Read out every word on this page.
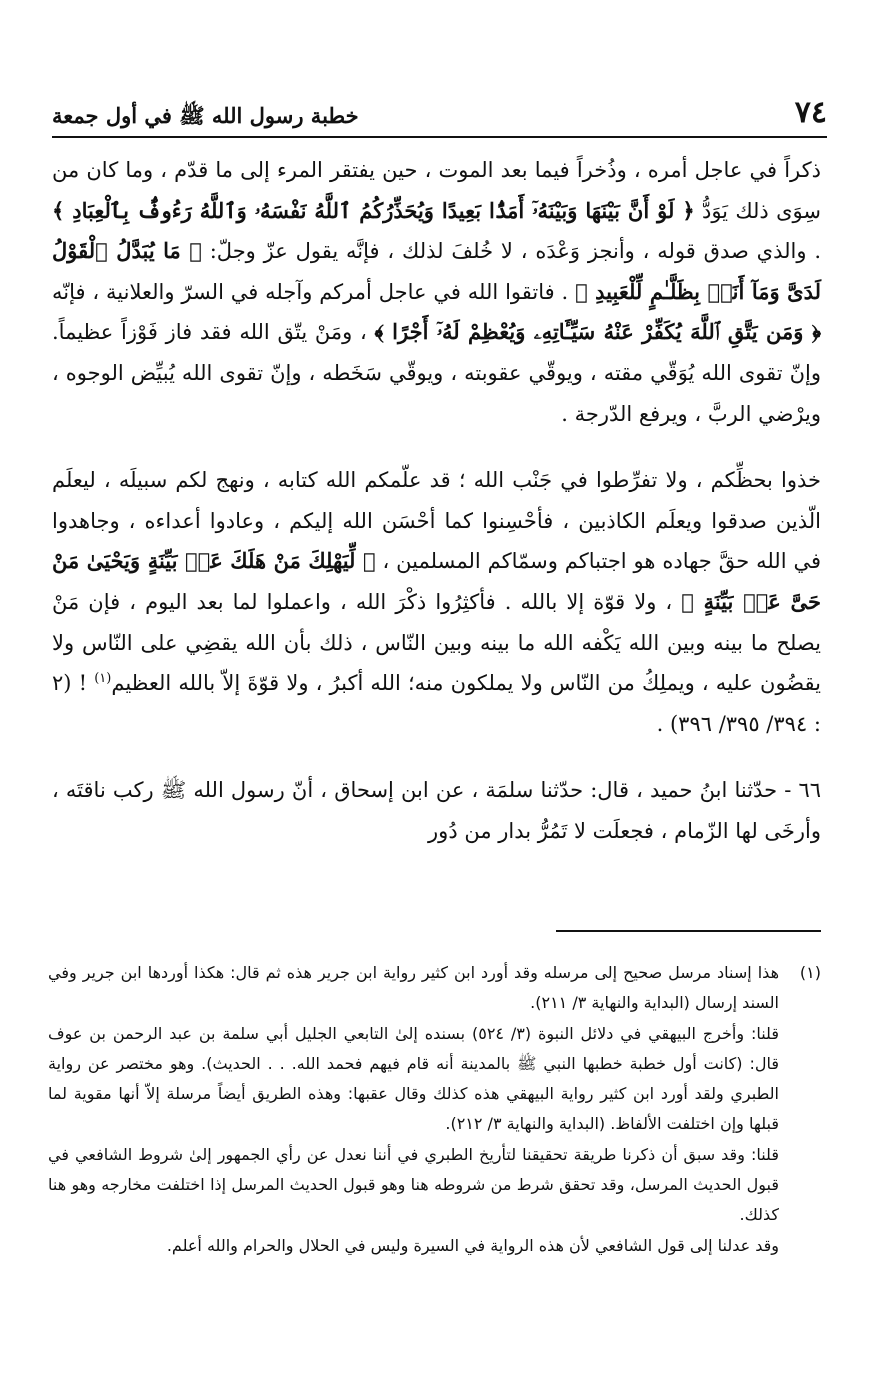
٧٤
خطبة رسول الله ﷺ في أول جمعة

ذكراً في عاجل أمره ، وذُخراً فيما بعد الموت ، حين يفتقر المرء إلى ما قدّم ، وما كان من سِوَى ذلك يَوَدُّ ﴿ لَوْ أَنَّ بَيْنَهَا وَبَيْنَهُۥٓ أَمَدًۢا بَعِيدًا وَيُحَذِّرُكُمُ ٱللَّهُ نَفْسَهُۥ وَٱللَّهُ رَءُوفٌۢ بِٱلْعِبَادِ ﴾ . والذي صدق قوله ، وأنجز وَعْدَه ، لا خُلفَ لذلك ، فإنَّه يقول عزّ وجلّ: ﴿ مَا يُبَدَّلُ ٱلْقَوْلُ لَدَىَّ وَمَآ أَنَا۠ بِظَلَّـٰمٍ لِّلْعَبِيدِ ﴾ . فاتقوا الله في عاجل أمركم وآجله في السرّ والعلانية ، فإنّه ﴿ وَمَن يَتَّقِ ٱللَّهَ يُكَفِّرْ عَنْهُ سَيِّـَٔاتِهِۦ وَيُعْظِمْ لَهُۥٓ أَجْرًا ﴾ ، ومَنْ يتّق الله فقد فاز فَوْزاً عظيماً. وإنّ تقوى الله يُوَقّي مقته ، ويوقّي عقوبته ، ويوقّي سَخَطه ، وإنّ تقوى الله يُبيِّض الوجوه ، ويرْضي الربَّ ، ويرفع الدّرجة .

خذوا بحظِّكم ، ولا تفرِّطوا في جَنْب الله ؛ قد علّمكم الله كتابه ، ونهج لكم سبيلَه ، ليعلَم الّذين صدقوا ويعلَم الكاذبين ، فأحْسِنوا كما أحْسَن الله إليكم ، وعادوا أعداءه ، وجاهدوا في الله حقَّ جهاده هو اجتباكم وسمّاكم المسلمين ، ﴿ لِّيَهْلِكَ مَنْ هَلَكَ عَنۢ بَيِّنَةٍ وَيَحْيَىٰ مَنْ حَىَّ عَنۢ بَيِّنَةٍ ﴾ ، ولا قوّة إلا بالله . فأكثِرُوا ذكْرَ الله ، واعملوا لما بعد اليوم ، فإن مَنْ يصلح ما بينه وبين الله يَكْفه الله ما بينه وبين النّاس ، ذلك بأن الله يقضِي على النّاس ولا يقضُون عليه ، ويملِكُ من النّاس ولا يملكون منه؛ الله أكبرُ ، ولا قوّةَ إلاّ بالله العظيم$^{(١)}$ ! (٢ : ٣٩٤/ ٣٩٥/ ٣٩٦) .

٦٦ - حدّثنا ابنُ حميد ، قال: حدّثنا سلمَة ، عن ابن إسحاق ، أنّ رسول الله ﷺ ركب ناقتَه ، وأرخَى لها الزّمام ، فجعلَت لا تَمُرُّ بدار من دُور

(١)

هذا إسناد مرسل صحيح إلى مرسله وقد أورد ابن كثير رواية ابن جرير هذه ثم قال: هكذا أوردها ابن جرير وفي السند إرسال (البداية والنهاية ٣/ ٢١١).

قلنا: وأخرج البيهقي في دلائل النبوة (٣/ ٥٢٤) بسنده إلىٰ التابعي الجليل أبي سلمة بن عبد الرحمن بن عوف قال: (كانت أول خطبة خطبها النبي ﷺ بالمدينة أنه قام فيهم فحمد الله. . . الحديث). وهو مختصر عن رواية الطبري ولقد أورد ابن كثير رواية البيهقي هذه كذلك وقال عقبها: وهذه الطريق أيضاً مرسلة إلاّ أنها مقوية لما قبلها وإن اختلفت الألفاظ. (البداية والنهاية ٣/ ٢١٢).

قلنا: وقد سبق أن ذكرنا طريقة تحقيقنا لتأريخ الطبري في أننا نعدل عن رأي الجمهور إلىٰ شروط الشافعي في قبول الحديث المرسل، وقد تحقق شرط من شروطه هنا وهو قبول الحديث المرسل إذا اختلفت مخارجه وهو هنا كذلك.

وقد عدلنا إلى قول الشافعي لأن هذه الرواية في السيرة وليس في الحلال والحرام والله أعلم.
